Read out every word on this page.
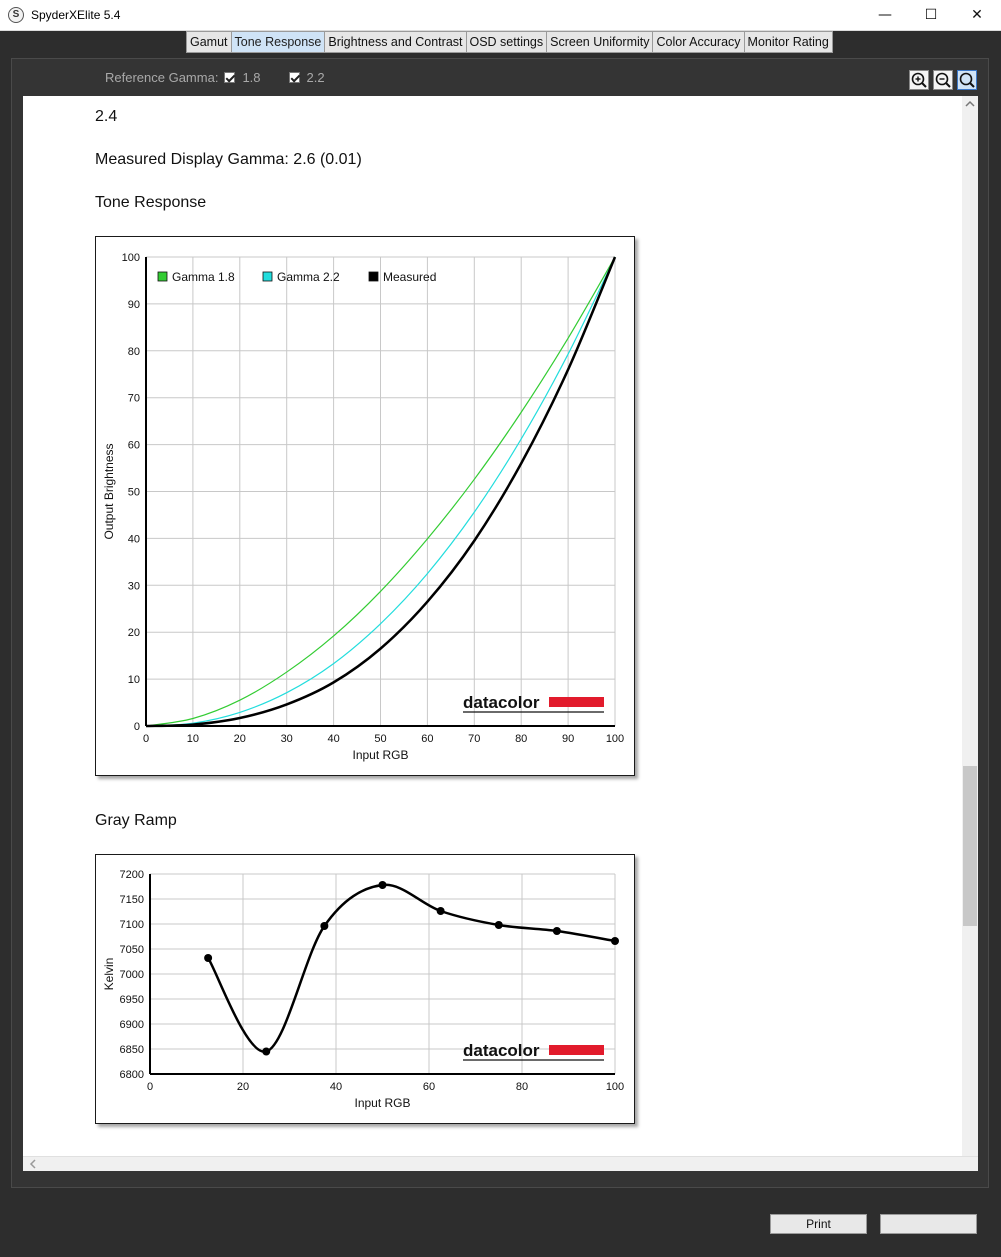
S SpyderXElite 5.4	—	☐	✕
Gamut Tone Response Brightness and Contrast OSD settings Screen Uniformity Color Accuracy Monitor Rating
Reference Gamma: 1.8	2.2
2.4
Measured Display Gamma: 2.6 (0.01)
Tone Response
0	10	20	30	40	50	60	70	80	90	100
0
10
20
30
40
50
60
70
80
90
100
Input RGB
Output Brightness
datacolor
Gamma 1.8	Gamma 2.2	Measured
Gray Ramp
0	20	40	60	80	100
6800
6850
6900
6950
7000
7050
7100
7150
7200
Input RGB
Kelvin
datacolor
Print
